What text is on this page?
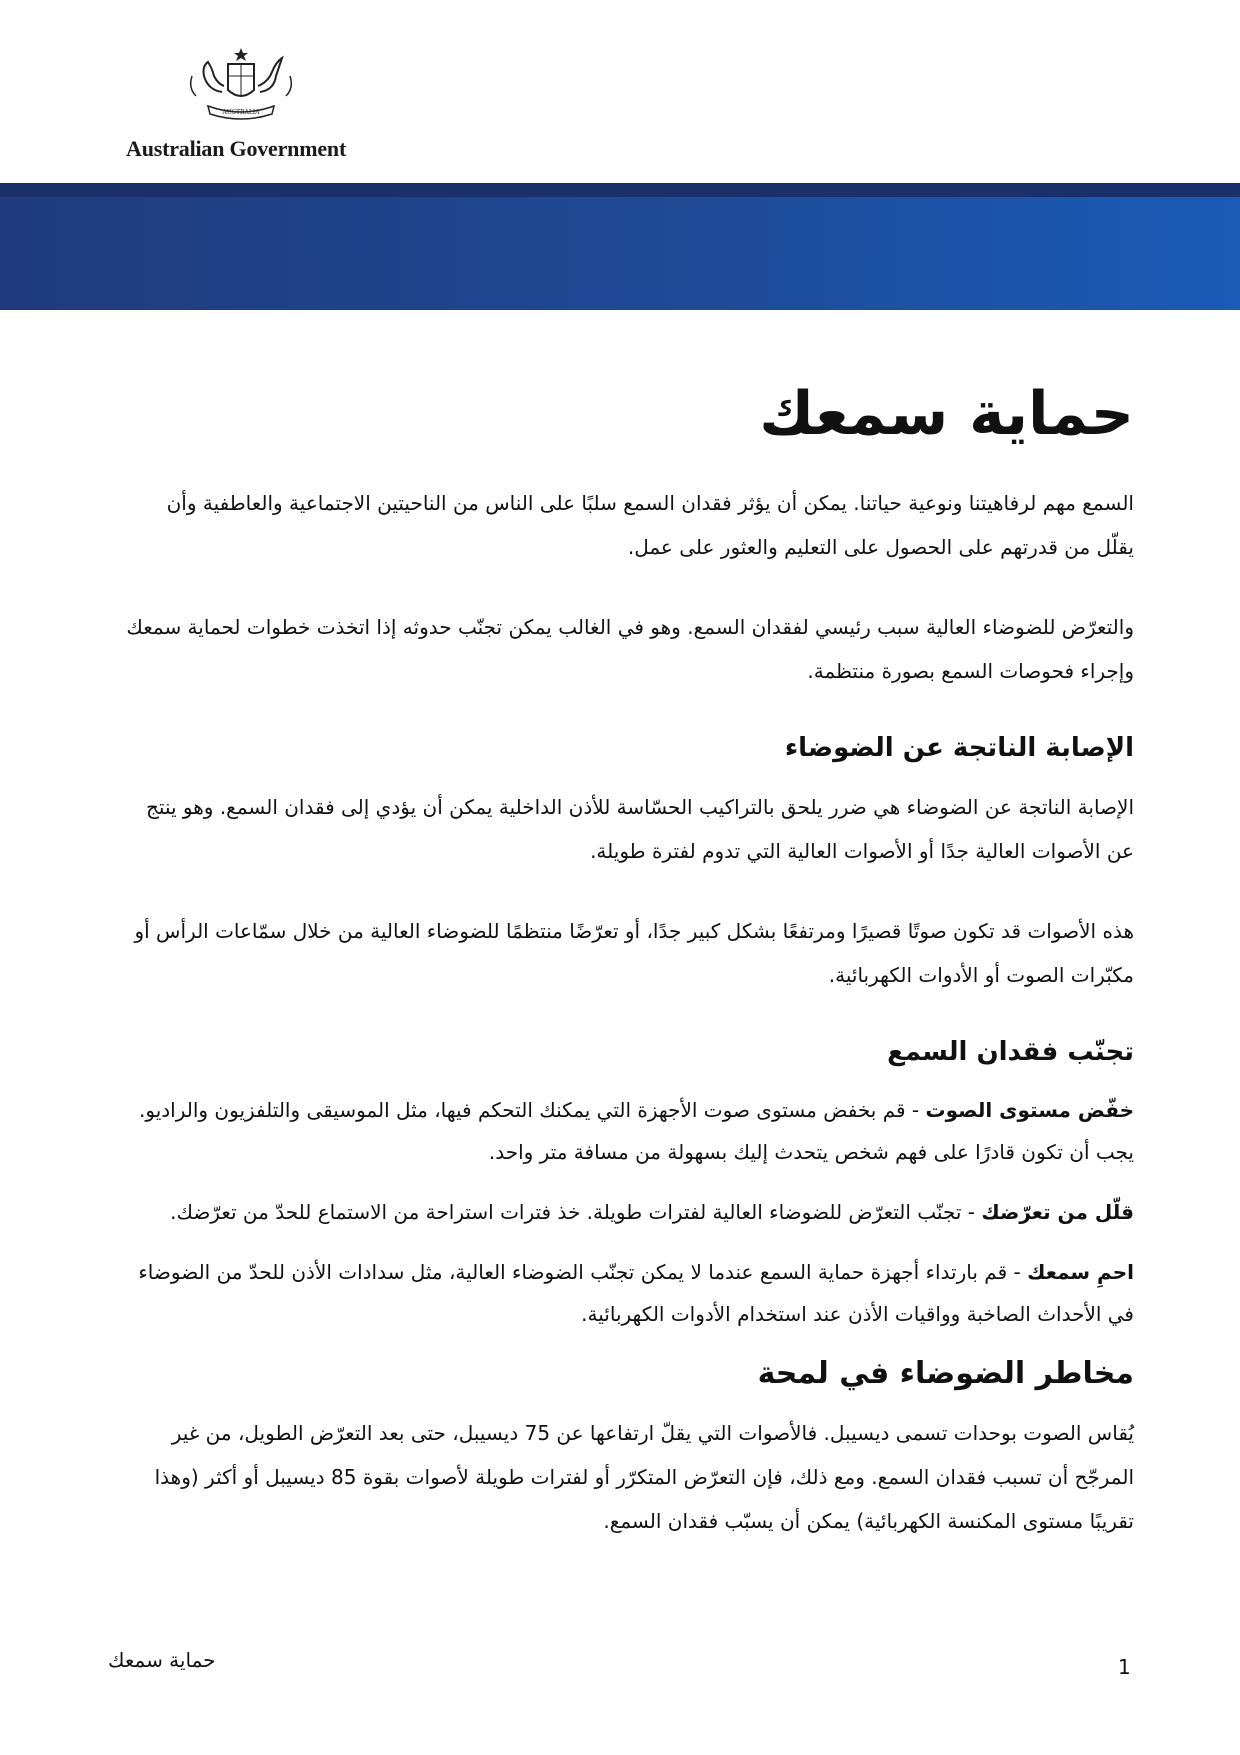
AUSTRALIA
Australian Government
حماية سمعك

السمع مهم لرفاهيتنا ونوعية حياتنا. يمكن أن يؤثر فقدان السمع سلبًا على الناس من الناحيتين الاجتماعية والعاطفية وأن يقلّل من قدرتهم على الحصول على التعليم والعثور على عمل.

والتعرّض للضوضاء العالية سبب رئيسي لفقدان السمع. وهو في الغالب يمكن تجنّب حدوثه إذا اتخذت خطوات لحماية سمعك وإجراء فحوصات السمع بصورة منتظمة.

الإصابة الناتجة عن الضوضاء

الإصابة الناتجة عن الضوضاء هي ضرر يلحق بالتراكيب الحسّاسة للأذن الداخلية يمكن أن يؤدي إلى فقدان السمع. وهو ينتج عن الأصوات العالية جدًا أو الأصوات العالية التي تدوم لفترة طويلة.

هذه الأصوات قد تكون صوتًا قصيرًا ومرتفعًا بشكل كبير جدًا، أو تعرّضًا منتظمًا للضوضاء العالية من خلال سمّاعات الرأس أو مكبّرات الصوت أو الأدوات الكهربائية.

تجنّب فقدان السمع

خفّض مستوى الصوت - قم بخفض مستوى صوت الأجهزة التي يمكنك التحكم فيها، مثل الموسيقى والتلفزيون والراديو. يجب أن تكون قادرًا على فهم شخص يتحدث إليك بسهولة من مسافة متر واحد.

قلّل من تعرّضك - تجنّب التعرّض للضوضاء العالية لفترات طويلة. خذ فترات استراحة من الاستماع للحدّ من تعرّضك.

احمِ سمعك - قم بارتداء أجهزة حماية السمع عندما لا يمكن تجنّب الضوضاء العالية، مثل سدادات الأذن للحدّ من الضوضاء في الأحداث الصاخبة وواقيات الأذن عند استخدام الأدوات الكهربائية.

مخاطر الضوضاء في لمحة

يُقاس الصوت بوحدات تسمى ديسيبل. فالأصوات التي يقلّ ارتفاعها عن 75 ديسيبل، حتى بعد التعرّض الطويل، من غير المرجّح أن تسبب فقدان السمع. ومع ذلك، فإن التعرّض المتكرّر أو لفترات طويلة لأصوات بقوة 85 ديسيبل أو أكثر (وهذا تقريبًا مستوى المكنسة الكهربائية) يمكن أن يسبّب فقدان السمع.

حماية سمعك	1
